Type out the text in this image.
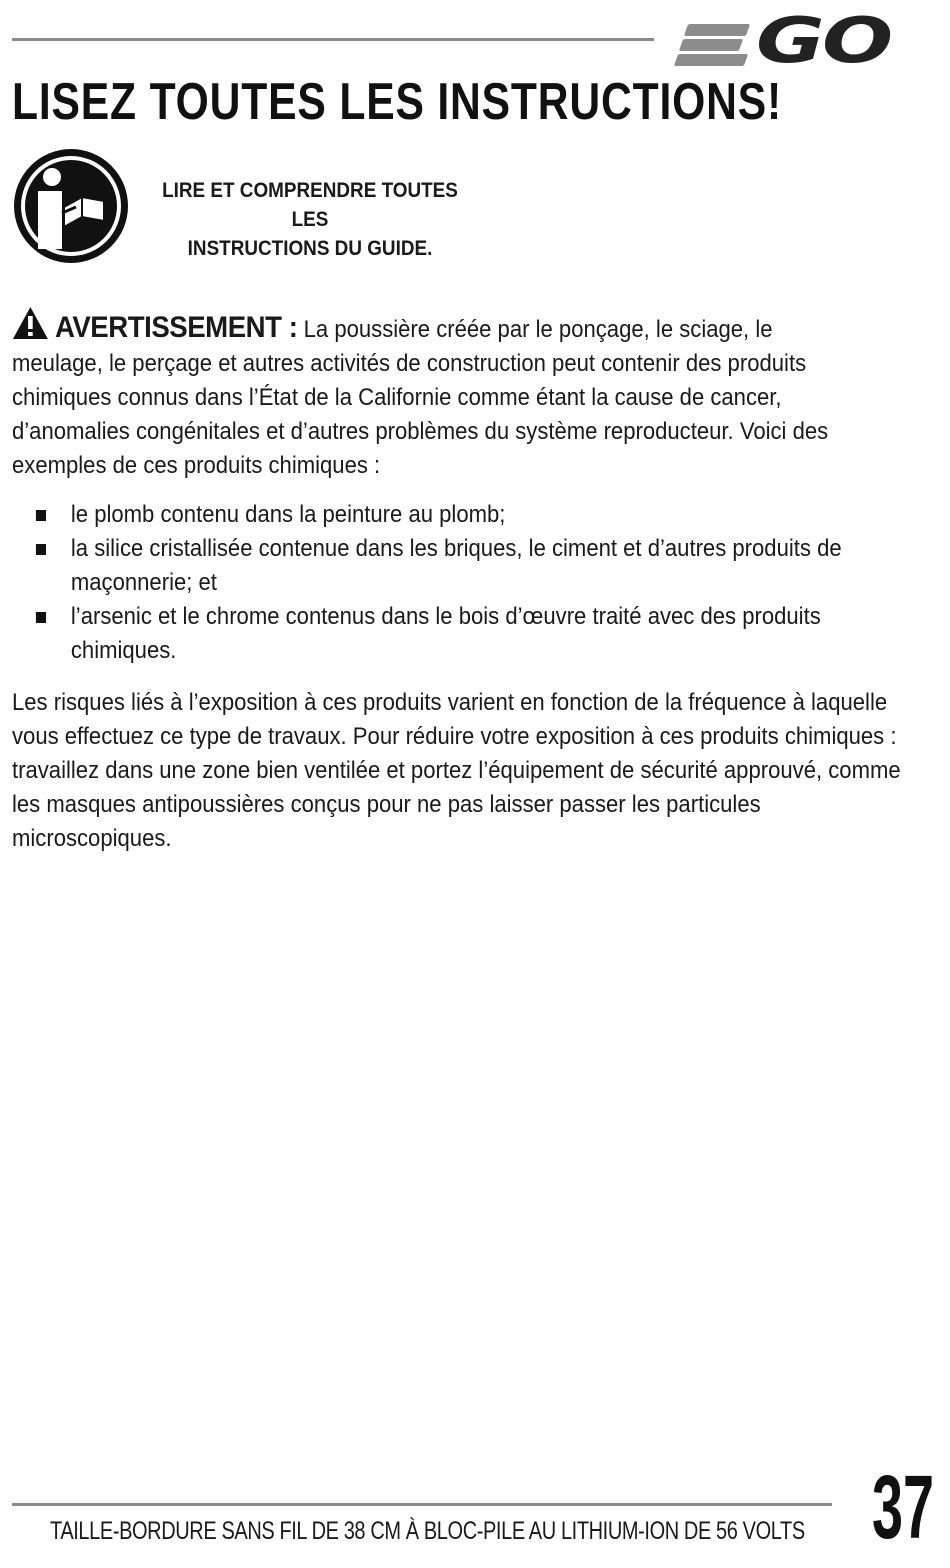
GO
LISEZ TOUTES LES INSTRUCTIONS!
LIRE ET COMPRENDRE TOUTES LES
INSTRUCTIONS DU GUIDE.

AVERTISSEMENT : La poussière créée par le ponçage, le sciage, le meulage, le perçage et autres activités de construction peut contenir des produits chimiques connus dans l’État de la Californie comme étant la cause de cancer, d’anomalies congénitales et d’autres problèmes du système reproducteur. Voici des exemples de ces produits chimiques :

le plomb contenu dans la peinture au plomb;
la silice cristallisée contenue dans les briques, le ciment et d’autres produits de maçonnerie; et
l’arsenic et le chrome contenus dans le bois d’œuvre traité avec des produits chimiques.

Les risques liés à l’exposition à ces produits varient en fonction de la fréquence à laquelle vous effectuez ce type de travaux. Pour réduire votre exposition à ces produits chimiques : travaillez dans une zone bien ventilée et portez l’équipement de sécurité approuvé, comme les masques antipoussières conçus pour ne pas laisser passer les particules microscopiques.

TAILLE-BORDURE SANS FIL DE 38 CM À BLOC-PILE AU LITHIUM-ION DE 56 VOLTS 37
